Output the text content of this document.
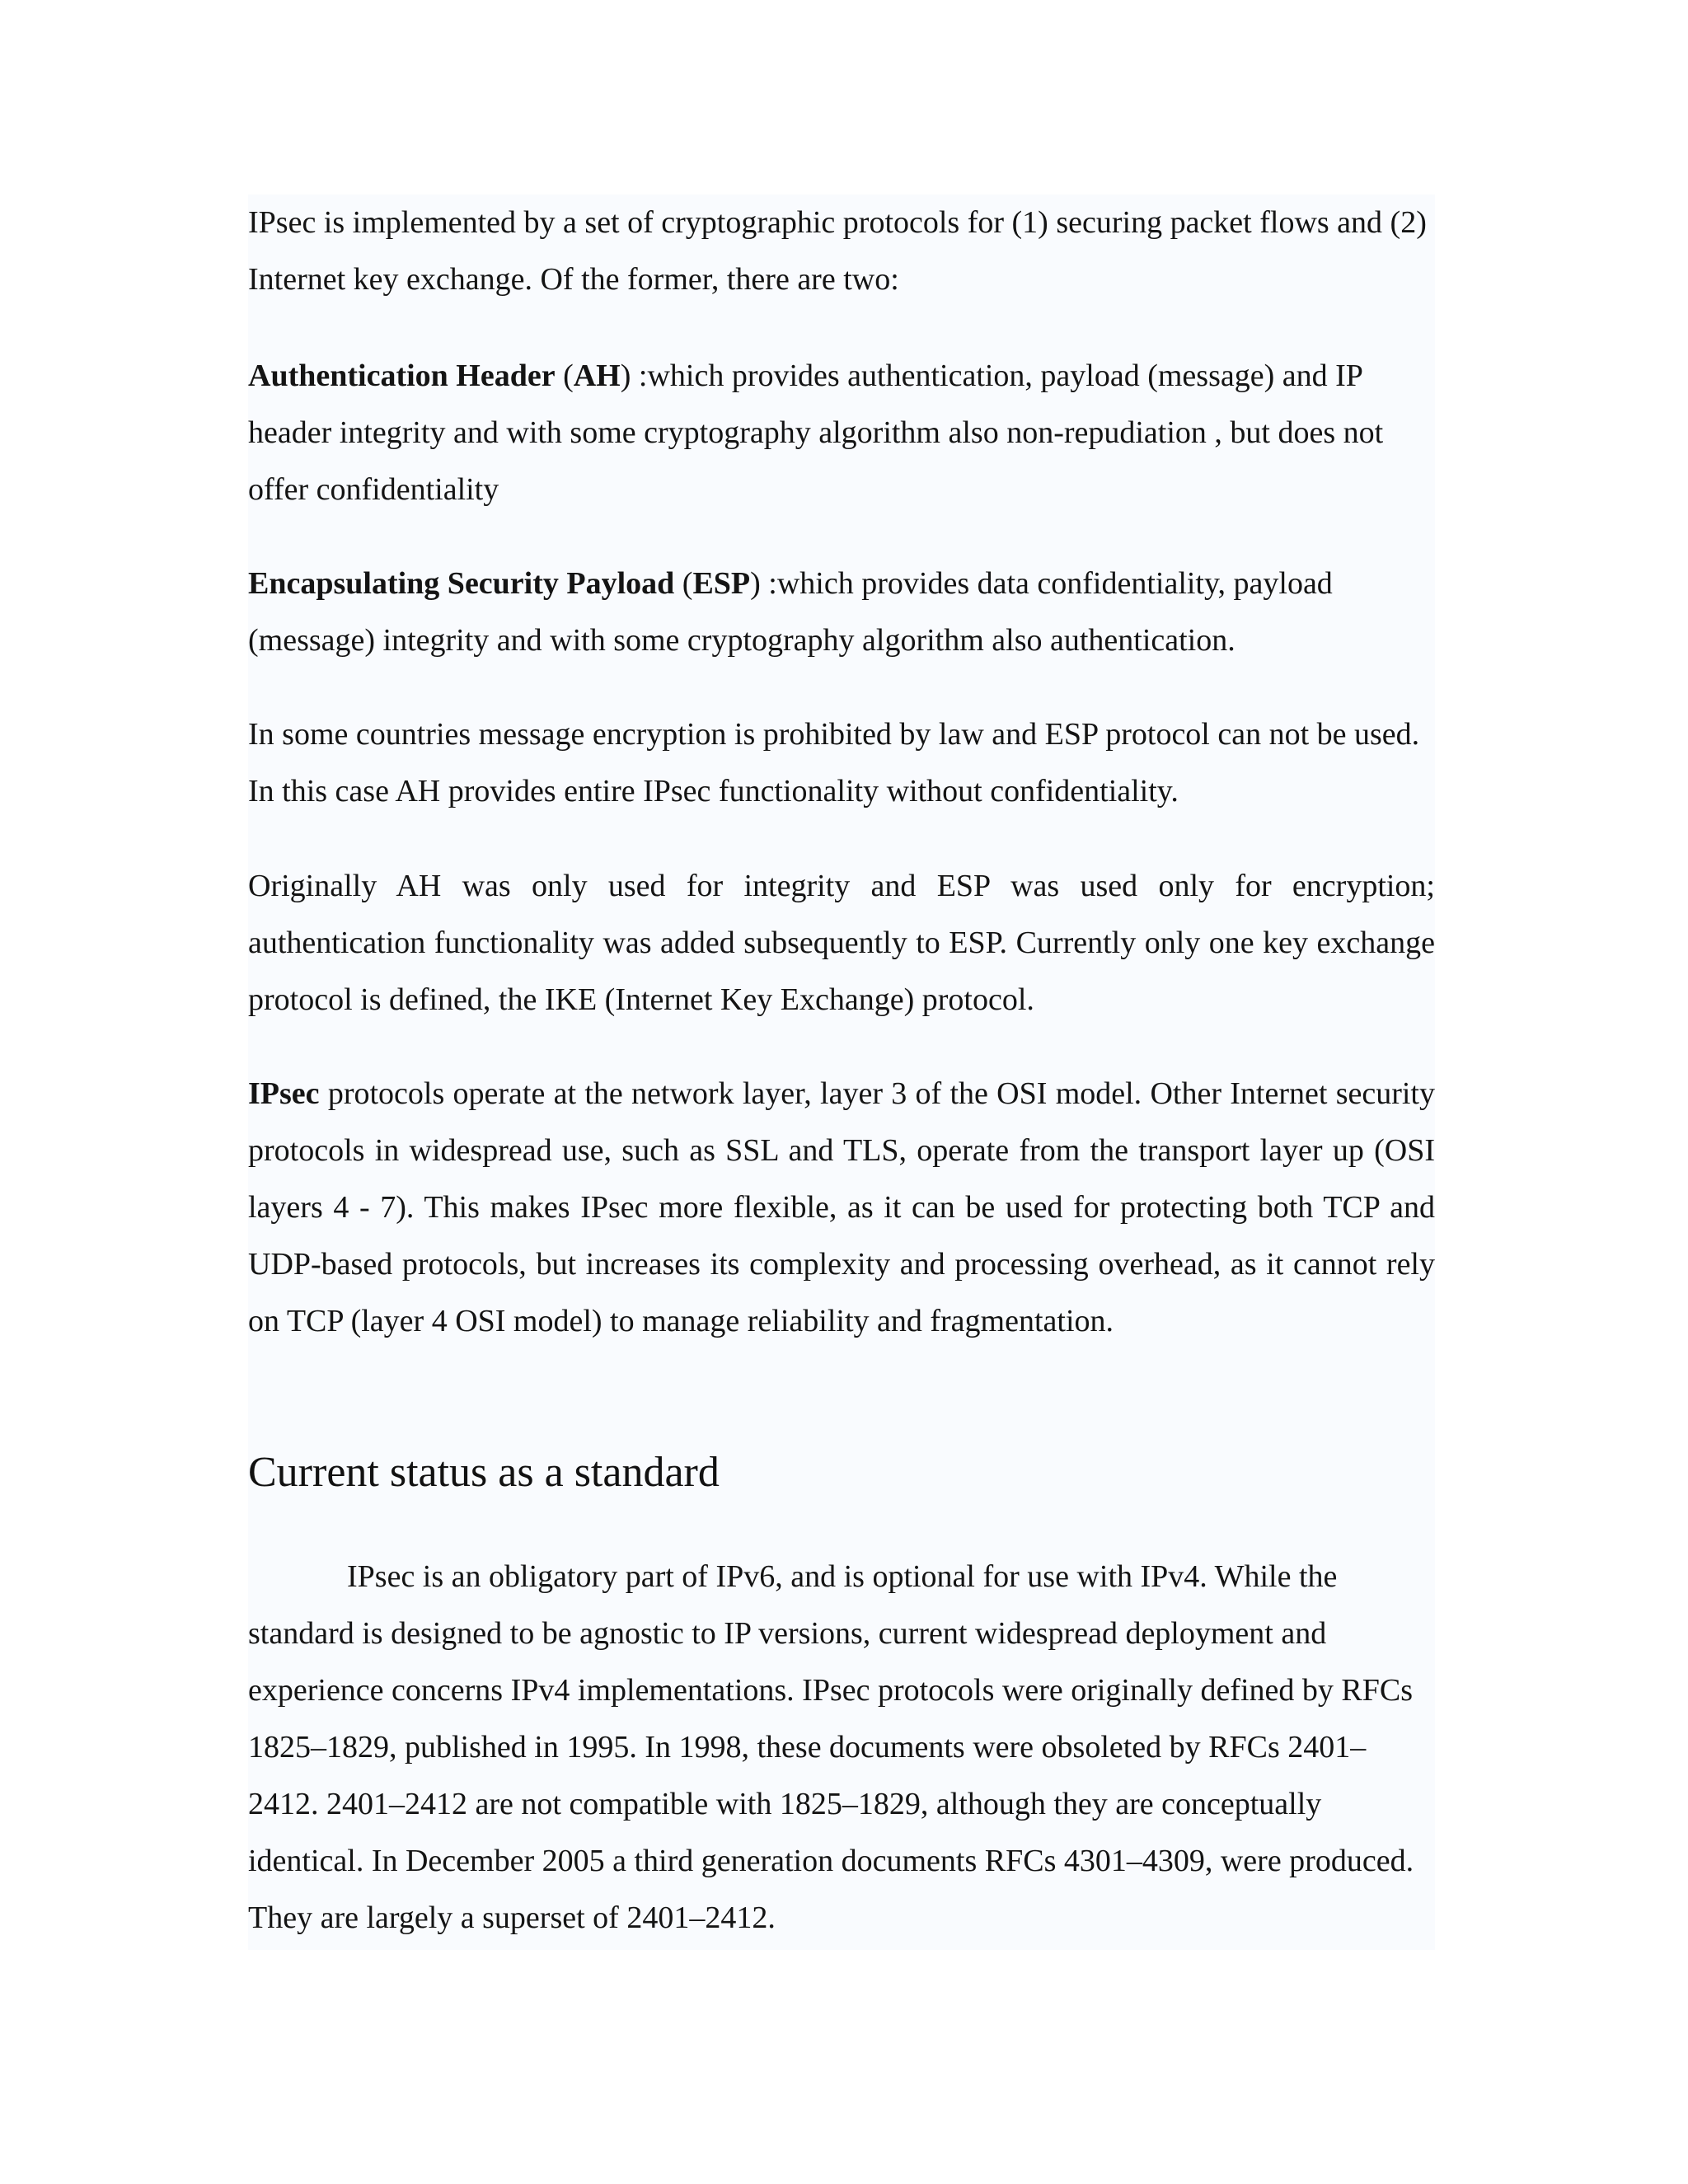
IPsec is implemented by a set of cryptographic protocols for (1) securing packet flows and (2) Internet key exchange. Of the former, there are two:

Authentication Header (AH) :which provides authentication, payload (message) and IP header integrity and with some cryptography algorithm also non-repudiation , but does not offer confidentiality

Encapsulating Security Payload (ESP) :which provides data confidentiality, payload (message) integrity and with some cryptography algorithm also authentication.

In some countries message encryption is prohibited by law and ESP protocol can not be used. In this case AH provides entire IPsec functionality without confidentiality.

Originally AH was only used for integrity and ESP was used only for encryption; authentication functionality was added subsequently to ESP. Currently only one key exchange protocol is defined, the IKE (Internet Key Exchange) protocol.

IPsec protocols operate at the network layer, layer 3 of the OSI model. Other Internet security protocols in widespread use, such as SSL and TLS, operate from the transport layer up (OSI layers 4 - 7). This makes IPsec more flexible, as it can be used for protecting both TCP and UDP-based protocols, but increases its complexity and processing overhead, as it cannot rely on TCP (layer 4 OSI model) to manage reliability and fragmentation.

Current status as a standard

IPsec is an obligatory part of IPv6, and is optional for use with IPv4. While the standard is designed to be agnostic to IP versions, current widespread deployment and experience concerns IPv4 implementations. IPsec protocols were originally defined by RFCs 1825–1829, published in 1995. In 1998, these documents were obsoleted by RFCs 2401–2412. 2401–2412 are not compatible with 1825–1829, although they are conceptually identical. In December 2005 a third generation documents RFCs 4301–4309, were produced. They are largely a superset of 2401–2412.
